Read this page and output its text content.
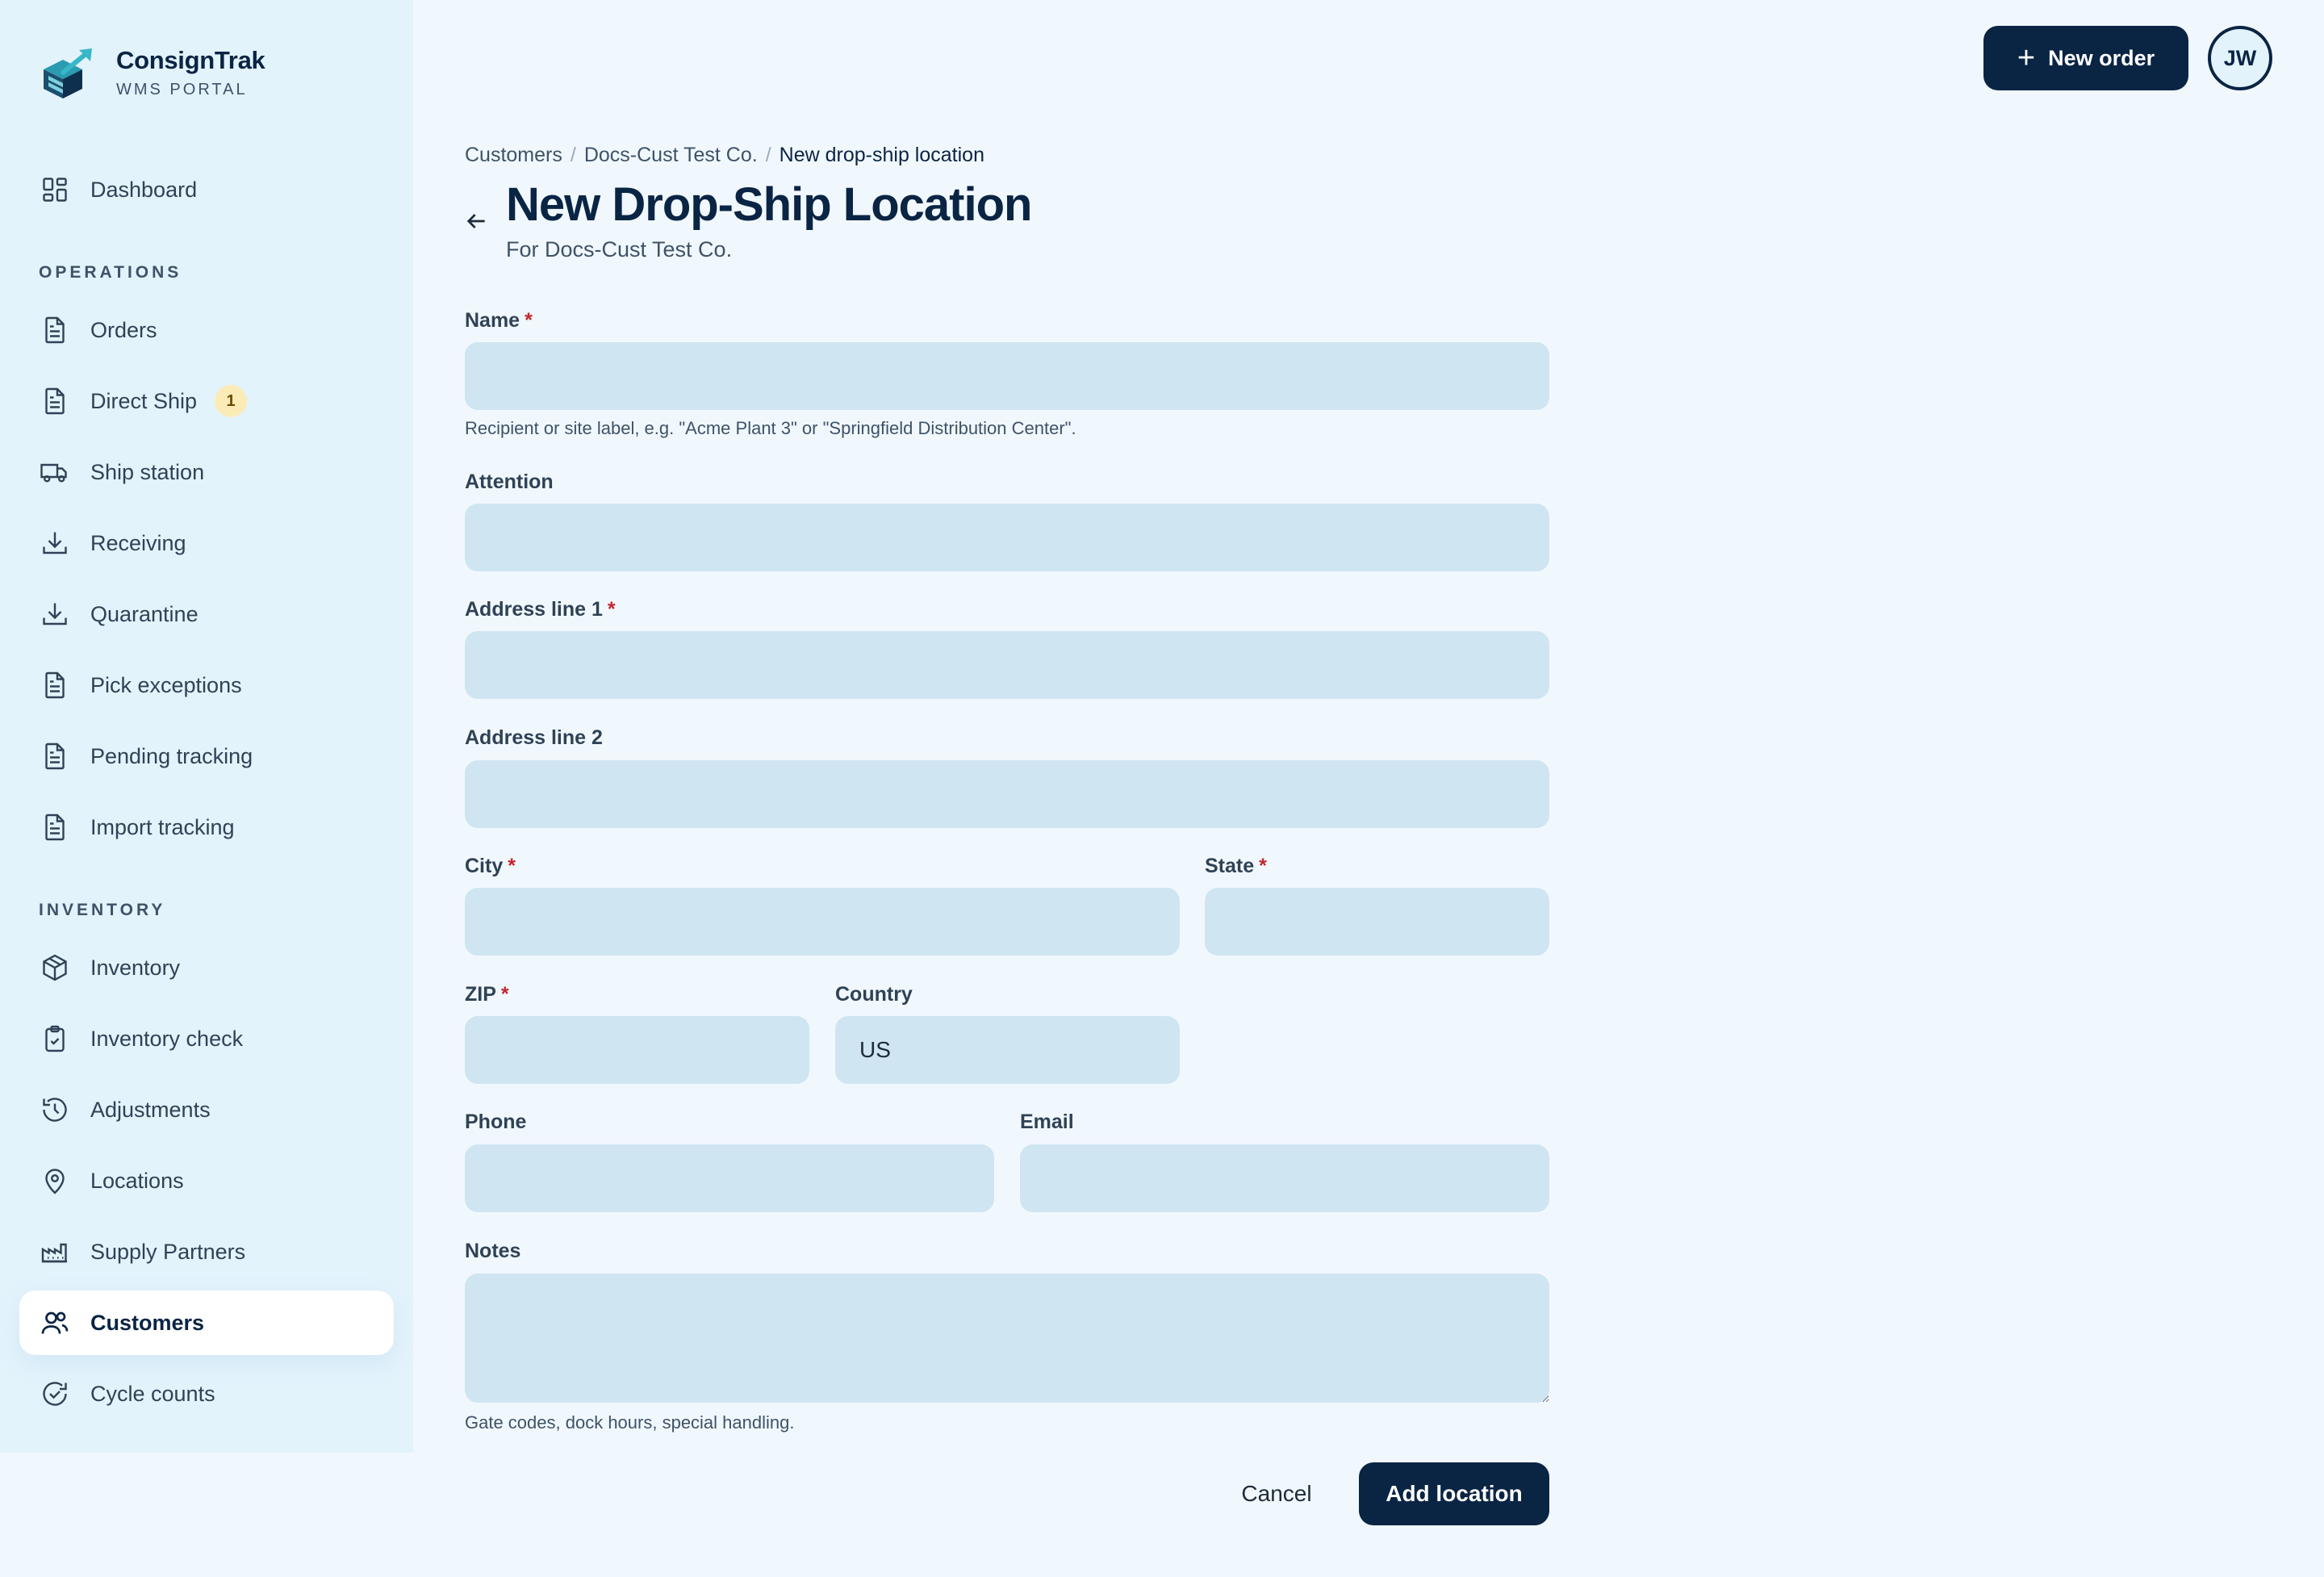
ConsignTrak
WMS PORTAL
Dashboard
OPERATIONS
Orders
Direct Ship	1
Ship station
Receiving
Quarantine
Pick exceptions
Pending tracking
Import tracking
INVENTORY
Inventory
Inventory check
Adjustments
Locations
Supply Partners
Customers
Cycle counts
+ New order	JW
Customers / Docs-Cust Test Co. / New drop-ship location
New Drop-Ship Location
For Docs-Cust Test Co.
Name *
Recipient or site label, e.g. "Acme Plant 3" or "Springfield Distribution Center".
Attention
Address line 1 *
Address line 2
City *	State *
ZIP *	Country
US
Phone	Email
Notes
Gate codes, dock hours, special handling.
Cancel	Add location
